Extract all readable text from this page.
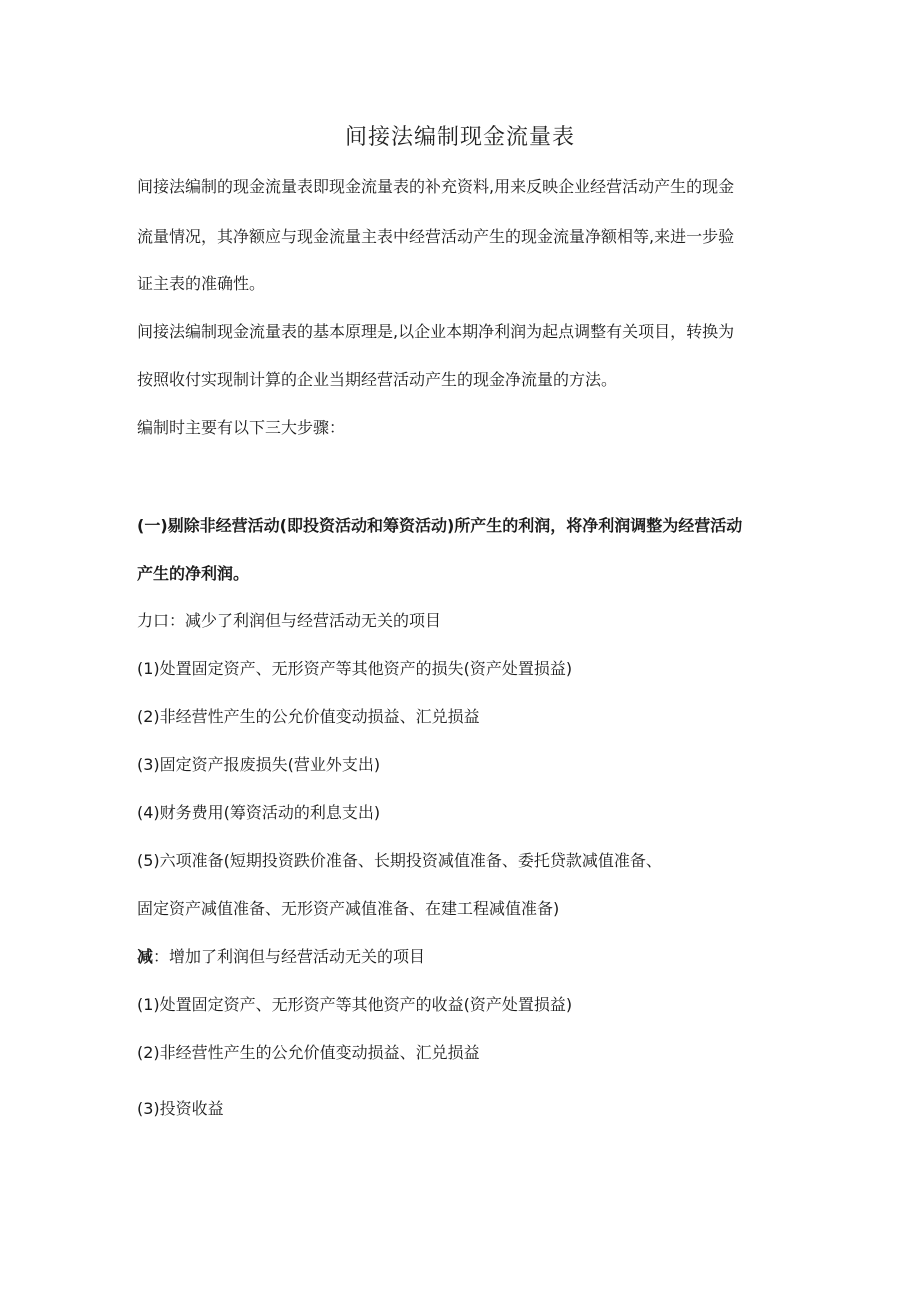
间接法编制现金流量表
间接法编制的现金流量表即现金流量表的补充资料,用来反映企业经营活动产生的现金
流量情况，其净额应与现金流量主表中经营活动产生的现金流量净额相等,来进一步验
证主表的准确性。
间接法编制现金流量表的基本原理是,以企业本期净利润为起点调整有关项目，转换为
按照收付实现制计算的企业当期经营活动产生的现金净流量的方法。
编制时主要有以下三大步骤：
(一)剔除非经营活动(即投资活动和筹资活动)所产生的利润，将净利润调整为经营活动
产生的净利润。
力口：减少了利润但与经营活动无关的项目
(1)处置固定资产、无形资产等其他资产的损失(资产处置损益)
(2)非经营性产生的公允价值变动损益、汇兑损益
(3)固定资产报废损失(营业外支出)
(4)财务费用(筹资活动的利息支出)
(5)六项准备(短期投资跌价准备、长期投资减值准备、委托贷款减值准备、
固定资产减值准备、无形资产减值准备、在建工程减值准备)
减：增加了利润但与经营活动无关的项目
(1)处置固定资产、无形资产等其他资产的收益(资产处置损益)
(2)非经营性产生的公允价值变动损益、汇兑损益
(3)投资收益
